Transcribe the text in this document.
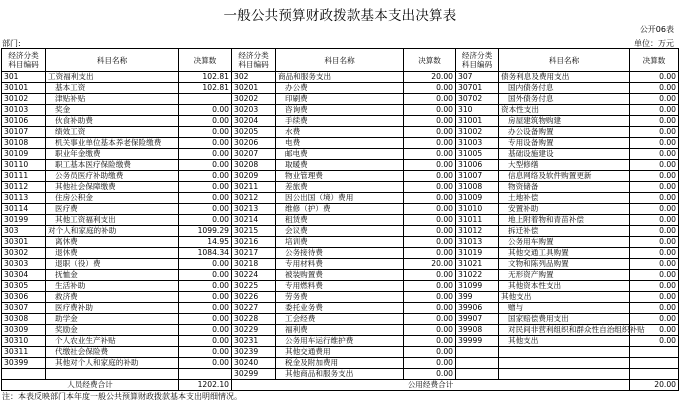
一般公共预算财政拨款基本支出决算表
公开06表
部门:	单位：万元
经济分类
科目编码	科目名称	决算数	经济分类
科目编码	科目名称	决算数	经济分类
科目编码	科目名称	决算数
301	工资福利支出	102.81	302	商品和服务支出	20.00	307	债务利息及费用支出	0.00
30101	基本工资	102.81	30201	办公费	0.00	30701	国内债务付息	0.00
30102	津贴补贴		30202	印刷费	0.00	30702	国外债务付息	0.00
30103	奖金	0.00	30203	咨询费	0.00	310	资本性支出	0.00
30106	伙食补助费	0.00	30204	手续费	0.00	31001	房屋建筑物购建	0.00
30107	绩效工资	0.00	30205	水费	0.00	31002	办公设备购置	0.00
30108	机关事业单位基本养老保险缴费	0.00	30206	电费	0.00	31003	专用设备购置	0.00
30109	职业年金缴费	0.00	30207	邮电费	0.00	31005	基础设施建设	0.00
30110	职工基本医疗保险缴费	0.00	30208	取暖费	0.00	31006	大型修缮	0.00
30111	公务员医疗补助缴费	0.00	30209	物业管理费	0.00	31007	信息网络及软件购置更新	0.00
30112	其他社会保障缴费	0.00	30211	差旅费	0.00	31008	物资储备	0.00
30113	住房公积金	0.00	30212	因公出国（境）费用	0.00	31009	土地补偿	0.00
30114	医疗费	0.00	30213	维修（护）费	0.00	31010	安置补助	0.00
30199	其他工资福利支出	0.00	30214	租赁费	0.00	31011	地上附着物和青苗补偿	0.00
303	对个人和家庭的补助	1099.29	30215	会议费	0.00	31012	拆迁补偿	0.00
30301	离休费	14.95	30216	培训费	0.00	31013	公务用车购置	0.00
30302	退休费	1084.34	30217	公务接待费	0.00	31019	其他交通工具购置	0.00
30303	退职（役）费	0.00	30218	专用材料费	20.00	31021	文物和陈列品购置	0.00
30304	抚恤金	0.00	30224	被装购置费	0.00	31022	无形资产购置	0.00
30305	生活补助	0.00	30225	专用燃料费	0.00	31099	其他资本性支出	0.00
30306	救济费	0.00	30226	劳务费	0.00	399	其他支出	0.00
30307	医疗费补助	0.00	30227	委托业务费	0.00	39906	赠与	0.00
30308	助学金	0.00	30228	工会经费	0.00	39907	国家赔偿费用支出	0.00
30309	奖励金	0.00	30229	福利费	0.00	39908	对民间非营利组织和群众性自治组织补贴	0.00
30310	个人农业生产补贴	0.00	30231	公务用车运行维护费	0.00	39999	其他支出	0.00
30311	代缴社会保险费	0.00	30239	其他交通费用	0.00			
30399	其他对个人和家庭的补助	0.00	30240	税金及附加费用	0.00			
			30299	其他商品和服务支出	0.00			
人员经费合计		1202.10	公用经费合计					20.00
注：本表反映部门本年度一般公共预算财政拨款基本支出明细情况。
